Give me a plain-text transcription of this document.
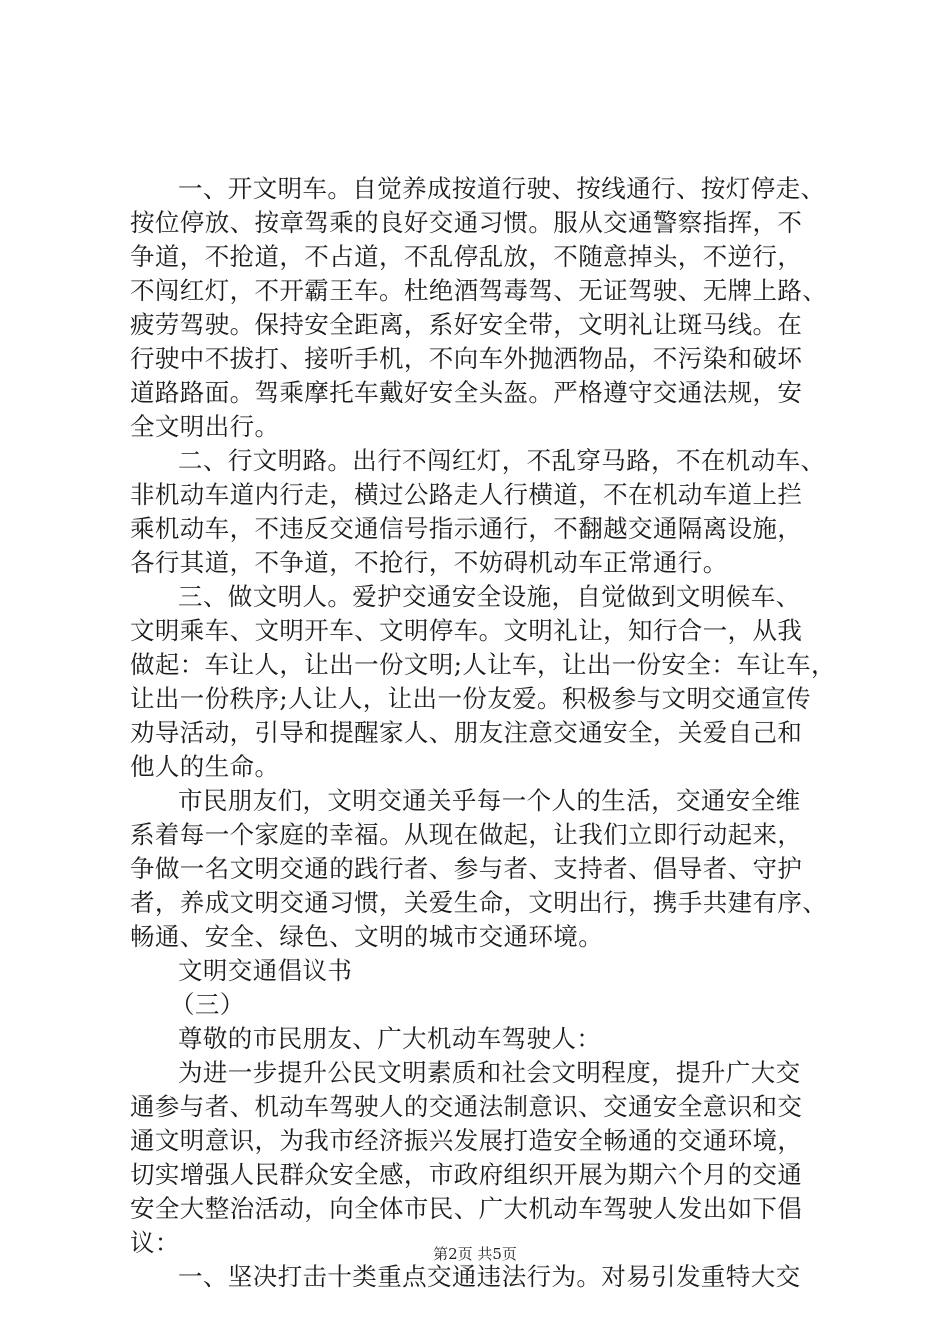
一、开文明车。自觉养成按道行驶、按线通行、按灯停走、
按位停放、按章驾乘的良好交通习惯。服从交通警察指挥，不
争道，不抢道，不占道，不乱停乱放，不随意掉头，不逆行，
不闯红灯，不开霸王车。杜绝酒驾毒驾、无证驾驶、无牌上路、
疲劳驾驶。保持安全距离，系好安全带，文明礼让斑马线。在
行驶中不拔打、接听手机，不向车外抛洒物品，不污染和破坏
道路路面。驾乘摩托车戴好安全头盔。严格遵守交通法规，安
全文明出行。
二、行文明路。出行不闯红灯，不乱穿马路，不在机动车、
非机动车道内行走，横过公路走人行横道，不在机动车道上拦
乘机动车，不违反交通信号指示通行，不翻越交通隔离设施，
各行其道，不争道，不抢行，不妨碍机动车正常通行。
三、做文明人。爱护交通安全设施，自觉做到文明候车、
文明乘车、文明开车、文明停车。文明礼让，知行合一，从我
做起：车让人，让出一份文明;人让车，让出一份安全：车让车，
让出一份秩序;人让人，让出一份友爱。积极参与文明交通宣传
劝导活动，引导和提醒家人、朋友注意交通安全，关爱自己和
他人的生命。
市民朋友们，文明交通关乎每一个人的生活，交通安全维
系着每一个家庭的幸福。从现在做起，让我们立即行动起来，
争做一名文明交通的践行者、参与者、支持者、倡导者、守护
者，养成文明交通习惯，关爱生命，文明出行，携手共建有序、
畅通、安全、绿色、文明的城市交通环境。
文明交通倡议书
（三）
尊敬的市民朋友、广大机动车驾驶人：
为进一步提升公民文明素质和社会文明程度，提升广大交
通参与者、机动车驾驶人的交通法制意识、交通安全意识和交
通文明意识，为我市经济振兴发展打造安全畅通的交通环境，
切实增强人民群众安全感，市政府组织开展为期六个月的交通
安全大整治活动，向全体市民、广大机动车驾驶人发出如下倡
议：
一、坚决打击十类重点交通违法行为。对易引发重特大交
第2页 共5页
